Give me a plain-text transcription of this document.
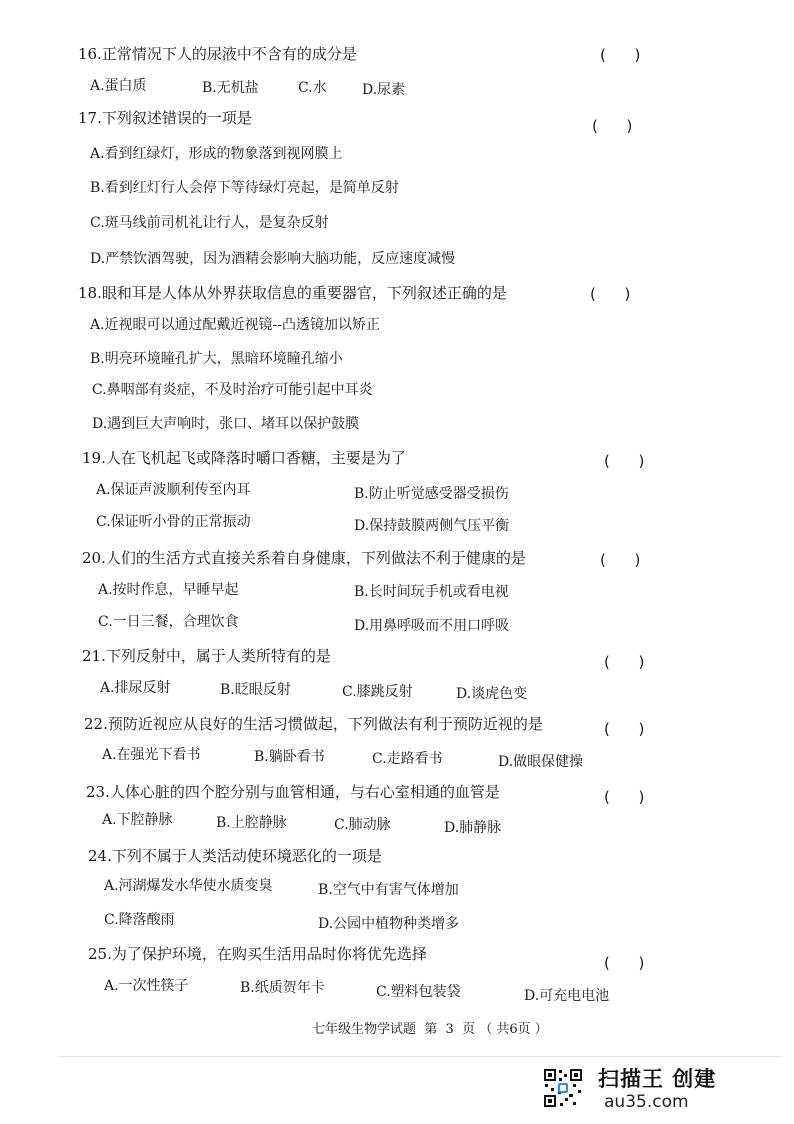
16.正常情况下人的尿液中不含有的成分是	(      )
A.蛋白质	B.无机盐	C.水	D.尿素
17.下列叙述错误的一项是	(      )
A.看到红绿灯，形成的物象落到视网膜上
B.看到红灯行人会停下等待绿灯亮起，是简单反射
C.斑马线前司机礼让行人，是复杂反射
D.严禁饮酒驾驶，因为酒精会影响大脑功能，反应速度减慢
18.眼和耳是人体从外界获取信息的重要器官，下列叙述正确的是	(      )
A.近视眼可以通过配戴近视镜--凸透镜加以矫正
B.明亮环境瞳孔扩大，黑暗环境瞳孔缩小
C.鼻咽部有炎症，不及时治疗可能引起中耳炎
D.遇到巨大声响时，张口、堵耳以保护鼓膜
19.人在飞机起飞或降落时嚼口香糖，主要是为了	(      )
A.保证声波顺利传至内耳	B.防止听觉感受器受损伤
C.保证听小骨的正常振动	D.保持鼓膜两侧气压平衡
20.人们的生活方式直接关系着自身健康，下列做法不利于健康的是	(      )
A.按时作息，早睡早起	B.长时间玩手机或看电视
C.一日三餐，合理饮食	D.用鼻呼吸而不用口呼吸
21.下列反射中，属于人类所特有的是	(      )
A.排尿反射	B.眨眼反射	C.膝跳反射	D.谈虎色变
22.预防近视应从良好的生活习惯做起，下列做法有利于预防近视的是	(      )
A.在强光下看书	B.躺卧看书	C.走路看书	D.做眼保健操
23.人体心脏的四个腔分别与血管相通，与右心室相通的血管是	(      )
A.下腔静脉	B.上腔静脉	C.肺动脉	D.肺静脉
24.下列不属于人类活动使环境恶化的一项是
A.河湖爆发水华使水质变臭	B.空气中有害气体增加
C.降落酸雨	D.公园中植物种类增多
25.为了保护环境，在购买生活用品时你将优先选择	(      )
A.一次性筷子	B.纸质贺年卡	C.塑料包装袋	D.可充电电池
七年级生物学试题  第  3  页 （ 共6页 ）
扫描王 创建
au35.com
